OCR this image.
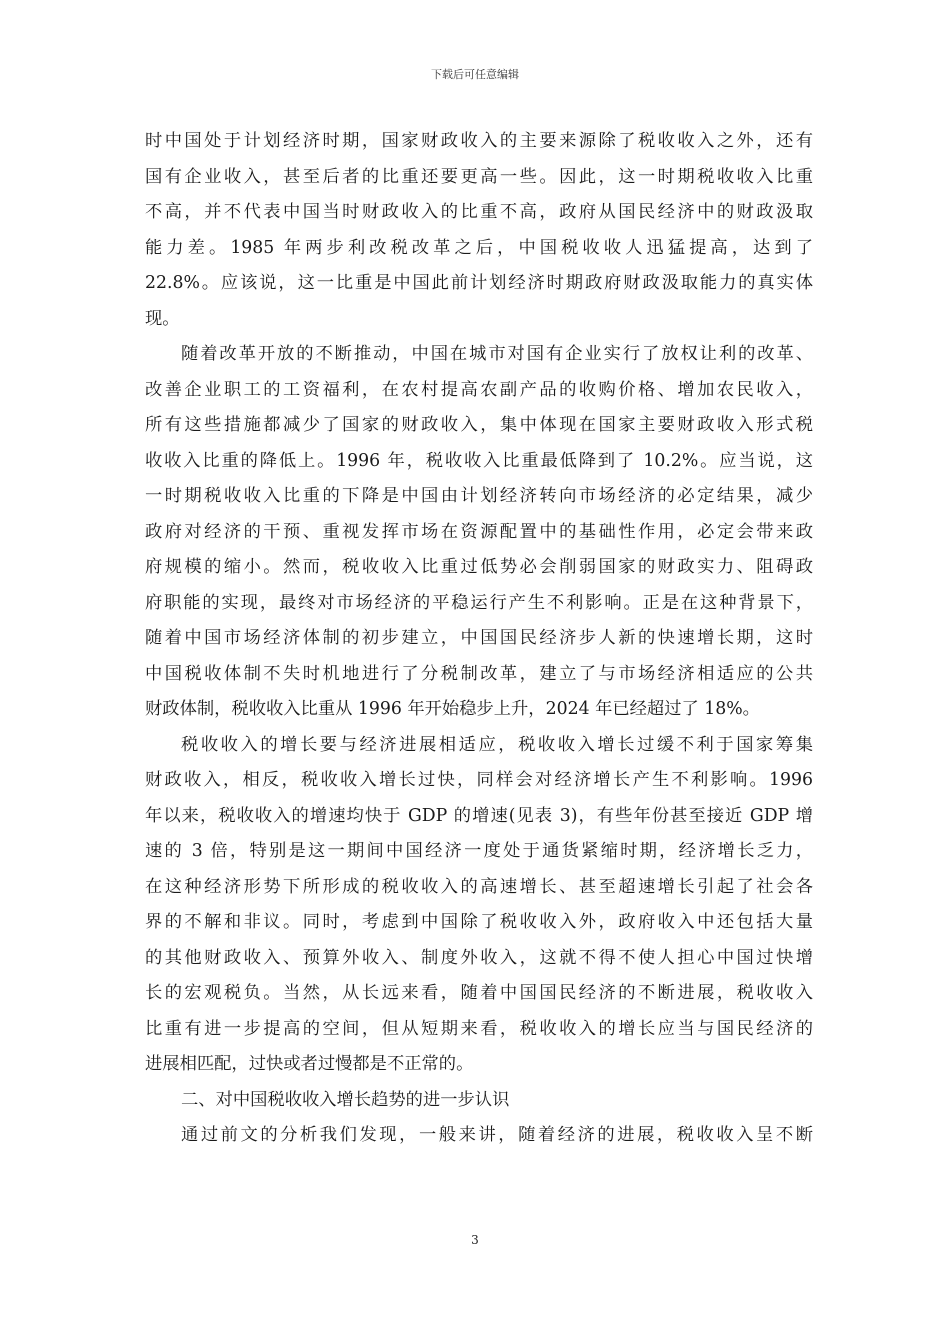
下载后可任意编辑
时中国处于计划经济时期，国家财政收入的主要来源除了税收收入之外，还有
国有企业收入，甚至后者的比重还要更高一些。因此，这一时期税收收入比重
不高，并不代表中国当时财政收入的比重不高，政府从国民经济中的财政汲取
能力差。1985 年两步利改税改革之后，中国税收收人迅猛提高，达到了
22.8%。应该说，这一比重是中国此前计划经济时期政府财政汲取能力的真实体
现。
随着改革开放的不断推动，中国在城市对国有企业实行了放权让利的改革、
改善企业职工的工资福利，在农村提高农副产品的收购价格、增加农民收入，
所有这些措施都减少了国家的财政收入，集中体现在国家主要财政收入形式税
收收入比重的降低上。1996 年，税收收入比重最低降到了 10.2%。应当说，这
一时期税收收入比重的下降是中国由计划经济转向市场经济的必定结果，减少
政府对经济的干预、重视发挥市场在资源配置中的基础性作用，必定会带来政
府规模的缩小。然而，税收收入比重过低势必会削弱国家的财政实力、阻碍政
府职能的实现，最终对市场经济的平稳运行产生不利影响。正是在这种背景下，
随着中国市场经济体制的初步建立，中国国民经济步人新的快速增长期，这时
中国税收体制不失时机地进行了分税制改革，建立了与市场经济相适应的公共
财政体制，税收收入比重从 1996 年开始稳步上升，2024 年已经超过了 18%。
税收收入的增长要与经济进展相适应，税收收入增长过缓不利于国家筹集
财政收入，相反，税收收入增长过快，同样会对经济增长产生不利影响。1996
年以来，税收收入的增速均快于 GDP 的增速(见表 3)，有些年份甚至接近 GDP 增
速的 3 倍，特别是这一期间中国经济一度处于通货紧缩时期，经济增长乏力，
在这种经济形势下所形成的税收收入的高速增长、甚至超速增长引起了社会各
界的不解和非议。同时，考虑到中国除了税收收入外，政府收入中还包括大量
的其他财政收入、预算外收入、制度外收入，这就不得不使人担心中国过快增
长的宏观税负。当然，从长远来看，随着中国国民经济的不断进展，税收收入
比重有进一步提高的空间，但从短期来看，税收收入的增长应当与国民经济的
进展相匹配，过快或者过慢都是不正常的。
二、对中国税收收入增长趋势的进一步认识
通过前文的分析我们发现，一般来讲，随着经济的进展，税收收入呈不断
3
